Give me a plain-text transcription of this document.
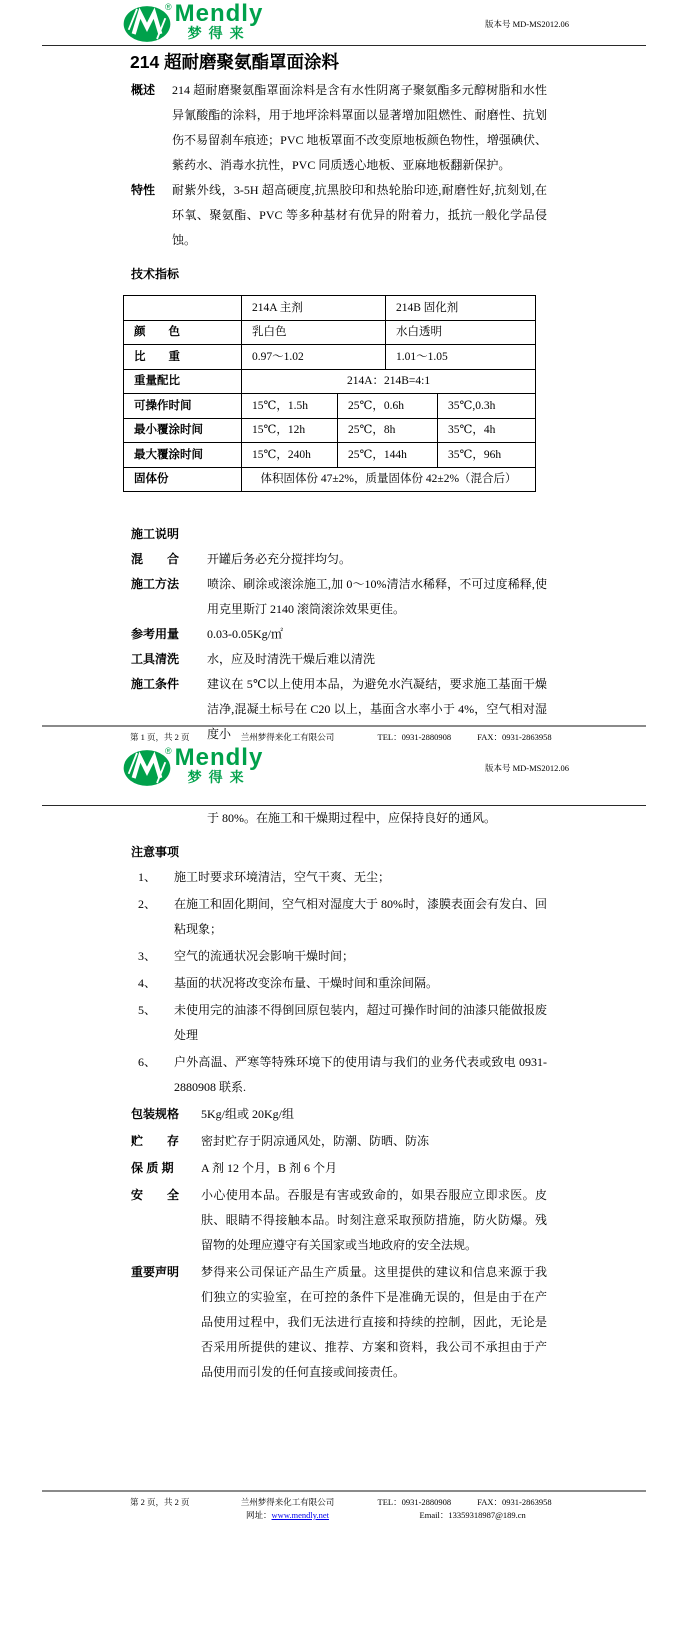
® Mendly
梦得来
版本号 MD-MS2012.06
214 超耐磨聚氨酯罩面涂料
概述	214 超耐磨聚氨酯罩面涂料是含有水性阴离子聚氨酯多元醇树脂和水性异氰酸酯的涂料，用于地坪涂料罩面以显著增加阻燃性、耐磨性、抗划伤不易留刹车痕迹；PVC 地板罩面不改变原地板颜色物性，增强碘伏、紫药水、消毒水抗性，PVC 同质透心地板、亚麻地板翻新保护。
特性	耐紫外线，3-5H 超高硬度,抗黑胶印和热轮胎印迹,耐磨性好,抗刻划,在环氧、聚氨酯、PVC 等多种基材有优异的附着力，抵抗一般化学品侵蚀。
技术指标
	214A 主剂		214B 固化剂	
颜　　色	乳白色		水白透明	
比　　重	0.97～1.02		1.01～1.05	
重量配比	214A：214B=4:1			
可操作时间	15℃，1.5h	25℃，0.6h		35℃,0.3h
最小覆涂时间	15℃，12h	25℃，8h		35℃，4h
最大覆涂时间	15℃，240h	25℃，144h		35℃，96h
固体份	体积固体份 47±2%，质量固体份 42±2%（混合后）			
施工说明
混　　合	开罐后务必充分搅拌均匀。
施工方法	喷涂、刷涂或滚涂施工,加 0～10%清洁水稀释，不可过度稀释,使用克里斯汀 2140 滚筒滚涂效果更佳。
参考用量	0.03-0.05Kg/㎡
工具清洗	水，应及时清洗干燥后难以清洗
施工条件	建议在 5℃以上使用本品，为避免水汽凝结，要求施工基面干燥洁净,混凝土标号在 C20 以上，基面含水率小于 4%，空气相对湿度小
第 1 页，共 2 页	兰州梦得来化工有限公司	TEL：0931-2880908	FAX：0931-2863958
® Mendly
梦得来
版本号 MD-MS2012.06
于 80%。在施工和干燥期过程中，应保持良好的通风。
注意事项
1、	施工时要求环境清洁，空气干爽、无尘；
2、	在施工和固化期间，空气相对湿度大于 80%时，漆膜表面会有发白、回粘现象；
3、	空气的流通状况会影响干燥时间；
4、	基面的状况将改变涂布量、干燥时间和重涂间隔。
5、	未使用完的油漆不得倒回原包装内，超过可操作时间的油漆只能做报废处理
6、	户外高温、严寒等特殊环境下的使用请与我们的业务代表或致电 0931-2880908 联系.
包装规格	5Kg/组或 20Kg/组
贮　　存	密封贮存于阴凉通风处，防潮、防晒、防冻
保 质 期	A 剂 12 个月，B 剂 6 个月
安　　全	小心使用本品。吞服是有害或致命的，如果吞服应立即求医。皮肤、眼睛不得接触本品。时刻注意采取预防措施，防火防爆。残留物的处理应遵守有关国家或当地政府的安全法规。
重要声明	梦得来公司保证产品生产质量。这里提供的建议和信息来源于我们独立的实验室，在可控的条件下是准确无误的，但是由于在产品使用过程中，我们无法进行直接和持续的控制，因此，无论是否采用所提供的建议、推荐、方案和资料，我公司不承担由于产品使用而引发的任何直接或间接责任。
第 2 页，共 2 页	兰州梦得来化工有限公司
网址：www.mendly.net
TEL：0931-2880908	FAX：0931-2863958
Email：13359318987@189.cn
